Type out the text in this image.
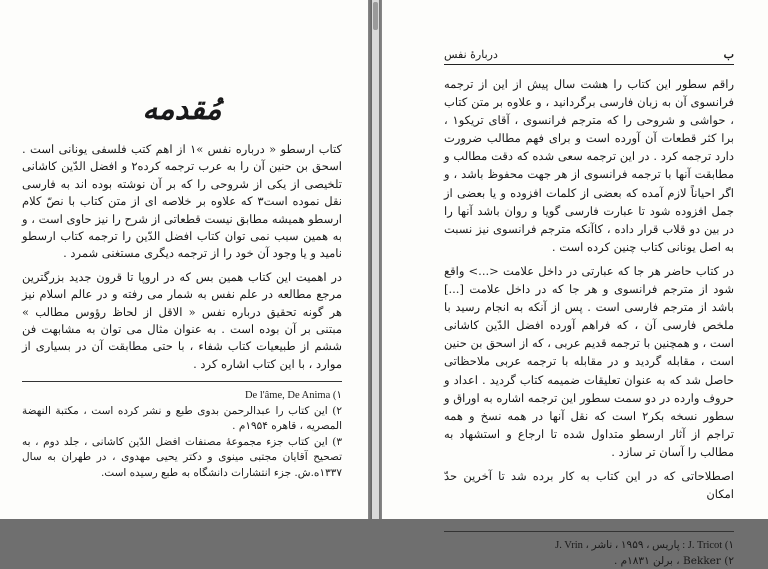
مُقدمه

کتاب ارسطو « درباره نفس »۱ از اهم کتب فلسفی یونانی است . اسحق بن حنین آن را به عرب ترجمه کرده۲ و افضل الدّین کاشانی تلخیصی از یکی از شروحی را که بر آن نوشته بوده اند به فارسی نقل نموده است۳ که علاوه بر خلاصه ای از متن کتاب با نصّ کلام ارسطو همیشه مطابق نیست قطعاتی از شرح را نیز حاوی است ، و به همین سبب نمی توان کتاب افضل الدّین را ترجمه کتاب ارسطو نامید و یا وجود آن خود را از ترجمه دیگری مستغنی شمرد .

در اهمیت این کتاب همین بس که در اروپا تا قرون جدید بزرگترین مرجع مطالعه در علم نفس به شمار می رفته و در عالم اسلام نیز هر گونه تحقیق درباره نفس « الاقل از لحاظ رؤوس مطالب » مبتنی بر آن بوده است . به عنوان مثال می توان به مشابهت فن ششم از طبیعیات کتاب شفاء ، با حتی مطابقت آن در بسیاری از موارد ، با این کتاب اشاره کرد .

De l'âme, De Anima (۱

۲) این کتاب را عبدالرحمن بدوی طبع و نشر کرده است ، مکتبة النهضة المصریه ، قاهره ۱۹۵۴م .

۳) این کتاب جزء مجموعهٔ مصنفات افضل الدّین کاشانی ، جلد دوم ، به تصحیح آقایان مجتبی مینوی و دکتر یحیی مهدوی ، در طهران به سال ۱۳۳۷ه.ش. جزء انتشارات دانشگاه به طبع رسیده است.

ب
دربارهٔ نفس

راقم سطور این کتاب را هشت سال پیش از این از ترجمه فرانسوی آن به زبان فارسی برگردانید ، و علاوه بر متن کتاب ، حواشی و شروحی را که مترجم فرانسوی ، آقای تریکو۱ ، برا کثر قطعات آن آورده است و برای فهم مطالب ضرورت دارد ترجمه کرد . در این ترجمه سعی شده که دقت مطالب و مطابقت آنها با ترجمه فرانسوی از هر جهت محفوظ باشد ، و اگر احیاناً لازم آمده که بعضی از کلمات افزوده و یا بعضی از جمل افزوده شود تا عبارت فارسی گویا و روان باشد آنها را در بین دو قلاب قرار داده ، کاآنکه مترجم فرانسوی نیز نسبت به اصل یونانی کتاب چنین کرده است .

در کتاب حاضر هر جا که عبارتی در داخل علامت <...> واقع شود از مترجم فرانسوی و هر جا که در داخل علامت [...] باشد از مترجم فارسی است . پس از آنکه به انجام رسید با ملخص فارسی آن ، که فراهم آورده افضل الدّین کاشانی است ، و همچنین با ترجمه قدیم عربی ، که از اسحق بن حنین است ، مقابله گردید و در مقابله با ترجمه عربی ملاحظاتی حاصل شد که به عنوان تعلیقات ضمیمه کتاب گردید . اعداد و حروف وارده در دو سمت سطور این ترجمه اشاره به اوراق و سطور نسخه بکر۲ است که نقل آنها در همه نسخ و همه تراجم از آثار ارسطو متداول شده تا ارجاع و استشهاد به مطالب را آسان تر سازد .

اصطلاحاتی که در این کتاب به کار برده شد تا آخرین حدّ امکان

J. Vrin ، پاریس ، ۱۹۵۹ ، ناشر : J. Tricot (۱

۲) Bekker ، برلن ۱۸۳۱م .
